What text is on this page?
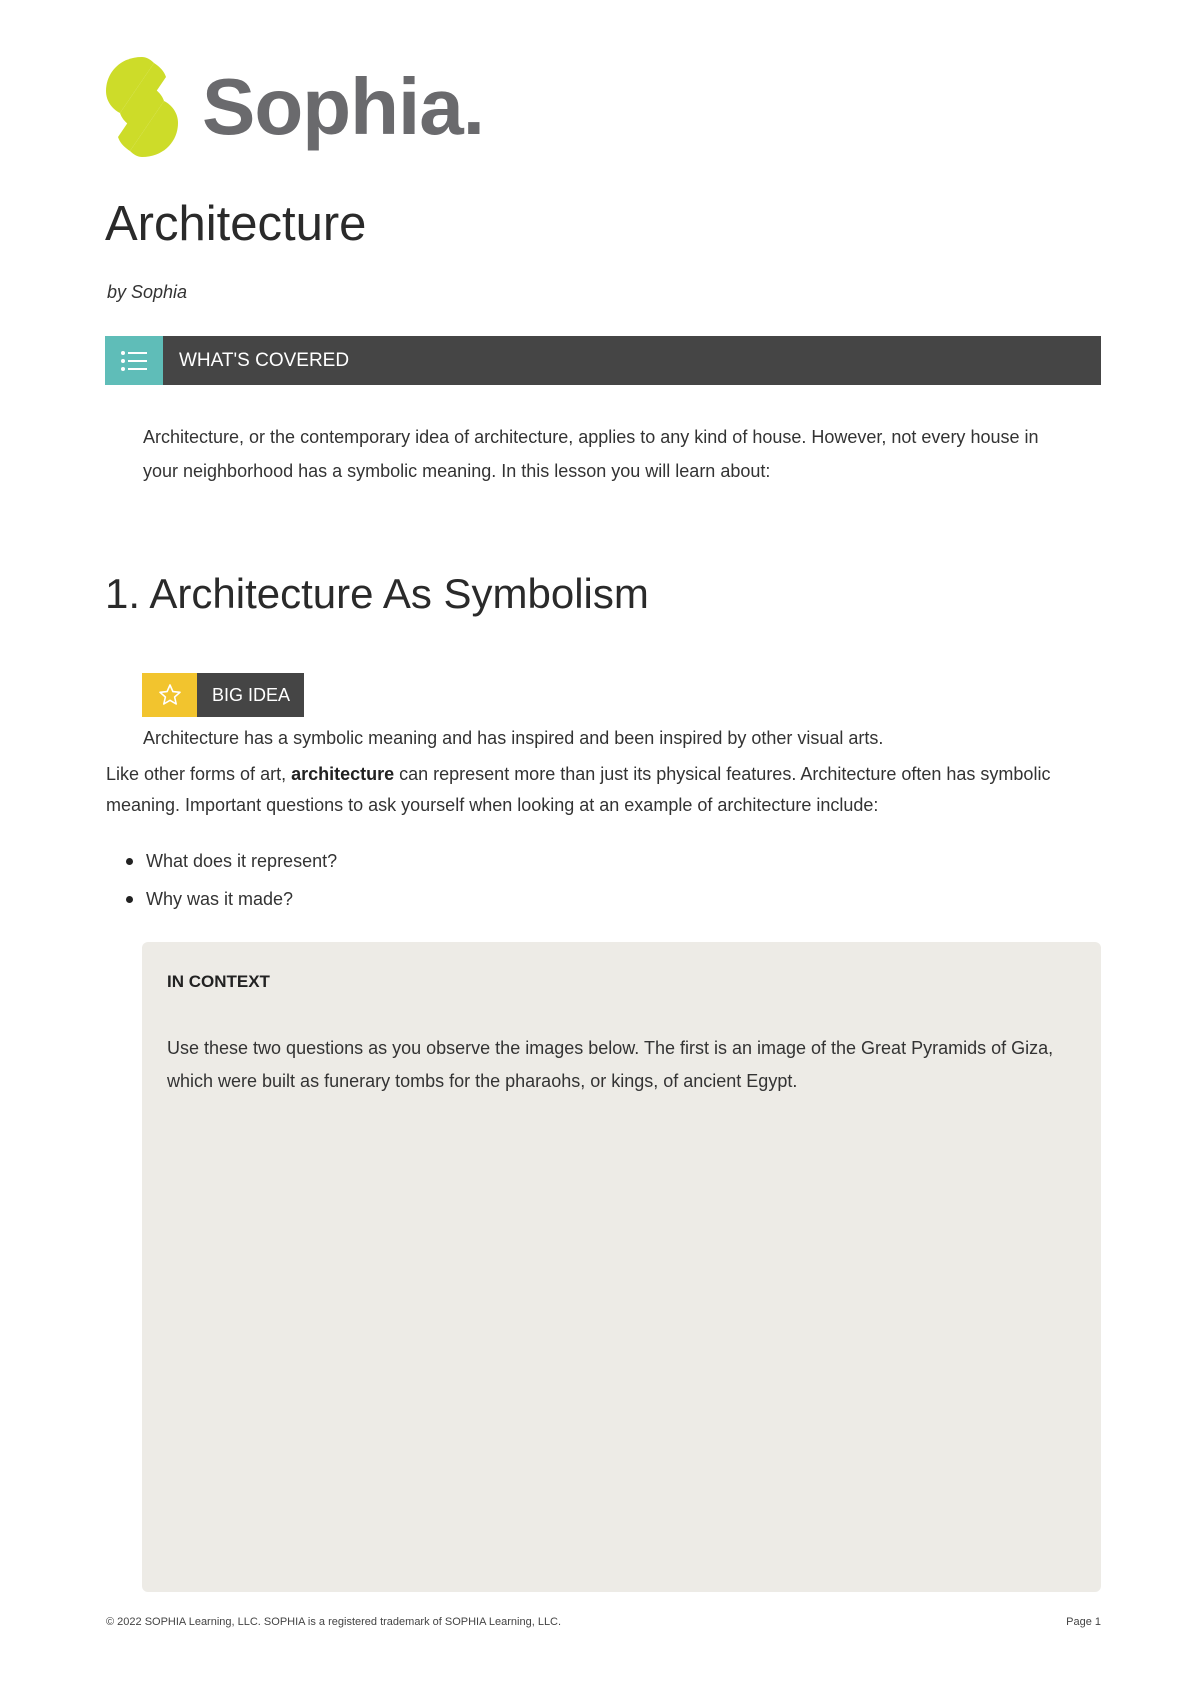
Sophia.
Architecture
by Sophia
WHAT'S COVERED

Architecture, or the contemporary idea of architecture, applies to any kind of house. However, not every house in your neighborhood has a symbolic meaning. In this lesson you will learn about:

1. Architecture As Symbolism
BIG IDEA

Architecture has a symbolic meaning and has inspired and been inspired by other visual arts.

Like other forms of art, architecture can represent more than just its physical features. Architecture often has symbolic meaning. Important questions to ask yourself when looking at an example of architecture include:

What does it represent?
Why was it made?
IN CONTEXT

Use these two questions as you observe the images below. The first is an image of the Great Pyramids of Giza, which were built as funerary tombs for the pharaohs, or kings, of ancient Egypt.

© 2022 SOPHIA Learning, LLC. SOPHIA is a registered trademark of SOPHIA Learning, LLC.	Page 1
